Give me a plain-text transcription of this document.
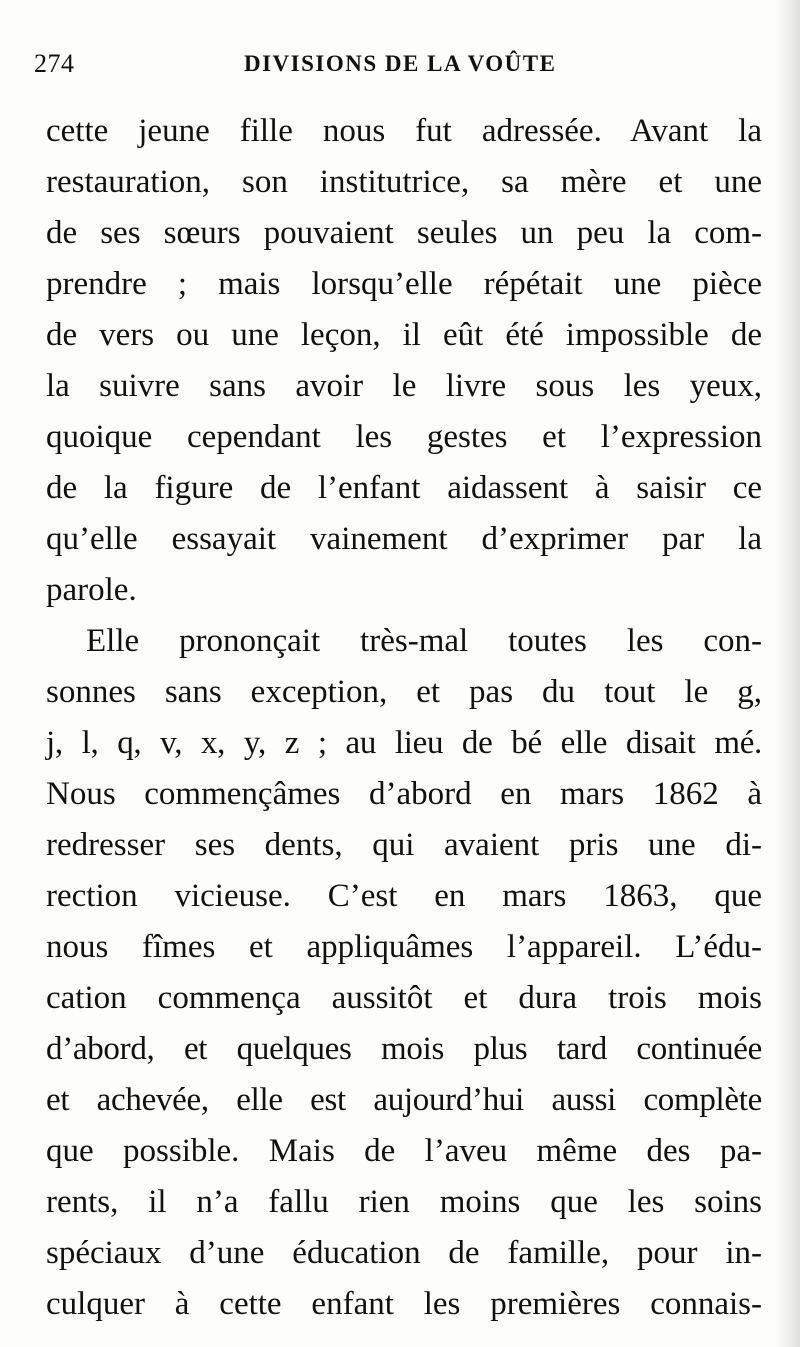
274	DIVISIONS DE LA VOÛTE
cette jeune fille nous fut adressée. Avant la
restauration, son institutrice, sa mère et une
de ses sœurs pouvaient seules un peu la com-
prendre ; mais lorsqu’elle répétait une pièce
de vers ou une leçon, il eût été impossible de
la suivre sans avoir le livre sous les yeux,
quoique cependant les gestes et l’expression
de la figure de l’enfant aidassent à saisir ce
qu’elle essayait vainement d’exprimer par la
parole.
Elle prononçait très-mal toutes les con-
sonnes sans exception, et pas du tout le g,
j, l, q, v, x, y, z ; au lieu de bé elle disait mé.
Nous commençâmes d’abord en mars 1862 à
redresser ses dents, qui avaient pris une di-
rection vicieuse. C’est en mars 1863, que
nous fîmes et appliquâmes l’appareil. L’édu-
cation commença aussitôt et dura trois mois
d’abord, et quelques mois plus tard continuée
et achevée, elle est aujourd’hui aussi complète
que possible. Mais de l’aveu même des pa-
rents, il n’a fallu rien moins que les soins
spéciaux d’une éducation de famille, pour in-
culquer à cette enfant les premières connais-
